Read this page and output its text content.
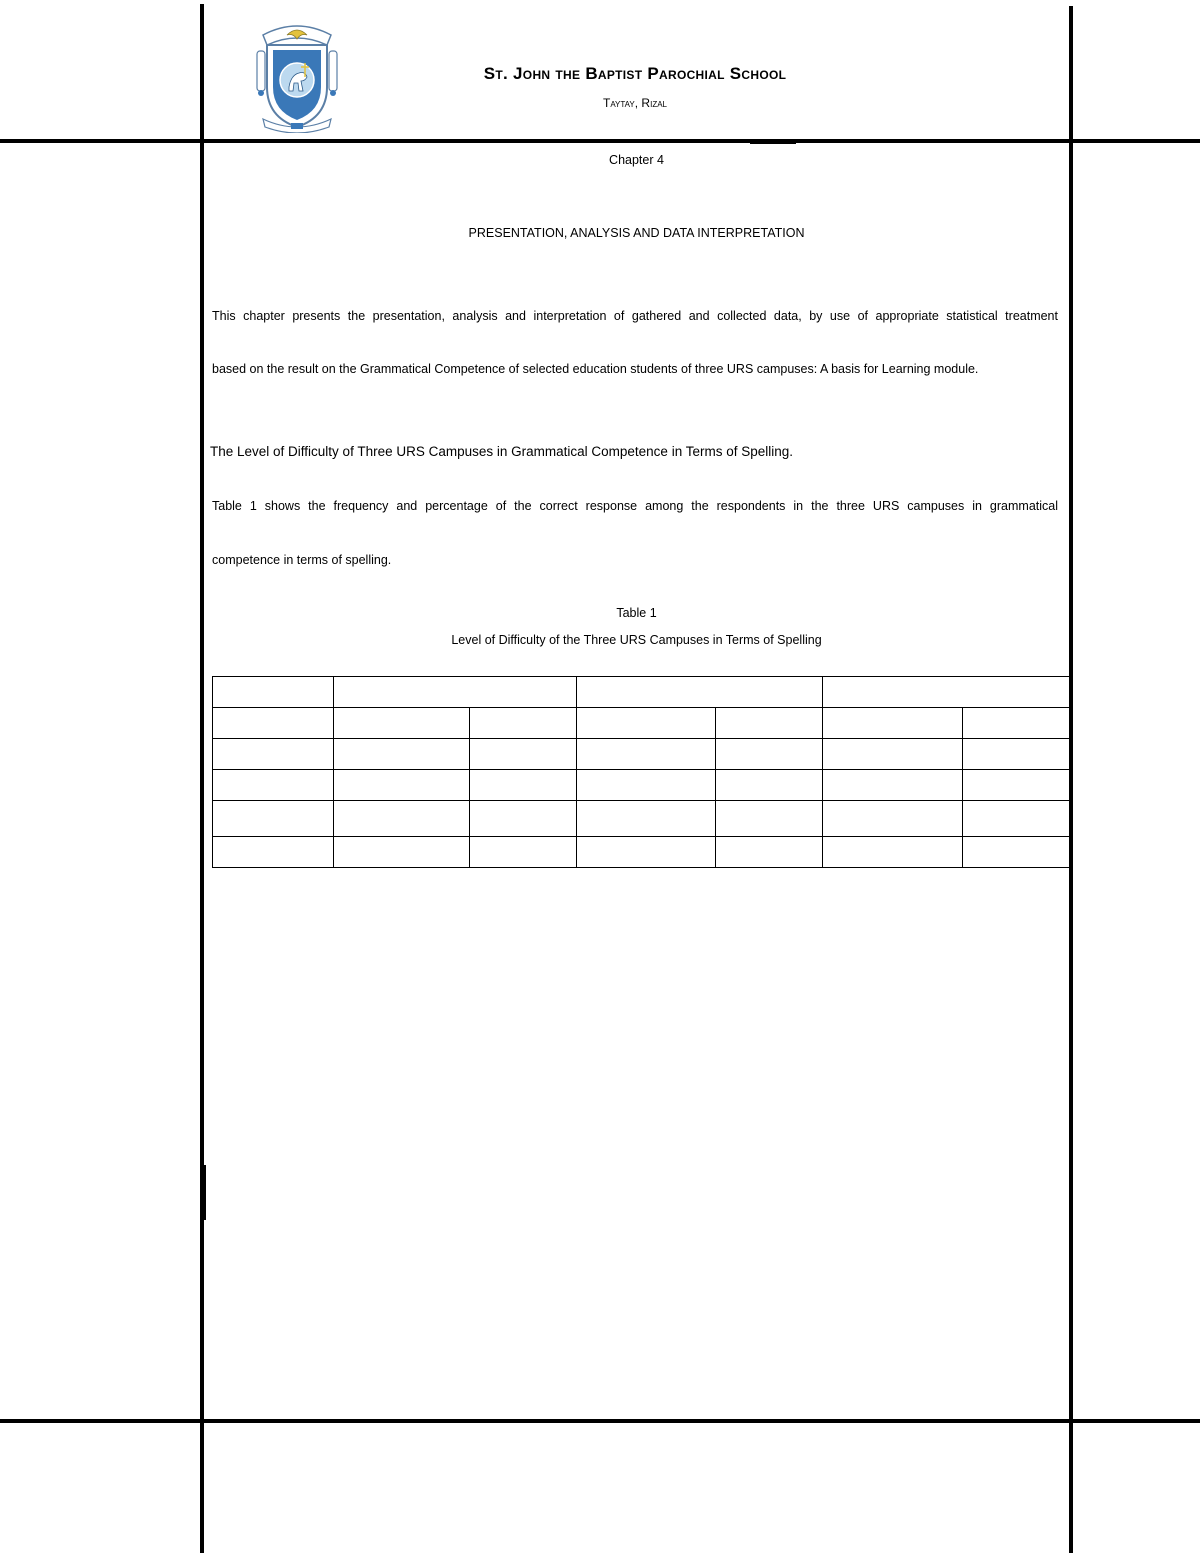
St. John the Baptist Parochial School
Taytay, Rizal
Chapter 4
PRESENTATION, ANALYSIS AND DATA INTERPRETATION
This chapter presents the presentation, analysis and interpretation of gathered and collected data, by use of appropriate statistical treatment
based on the result on the Grammatical Competence of selected education students of three URS campuses: A basis for Learning module.
The Level of Difficulty of Three URS Campuses in Grammatical Competence in Terms of Spelling.
Table 1 shows the frequency and percentage of the correct response among the respondents in the three URS campuses in grammatical
competence in terms of spelling.
Table 1
Level of Difficulty of the Three URS Campuses in Terms of Spelling
